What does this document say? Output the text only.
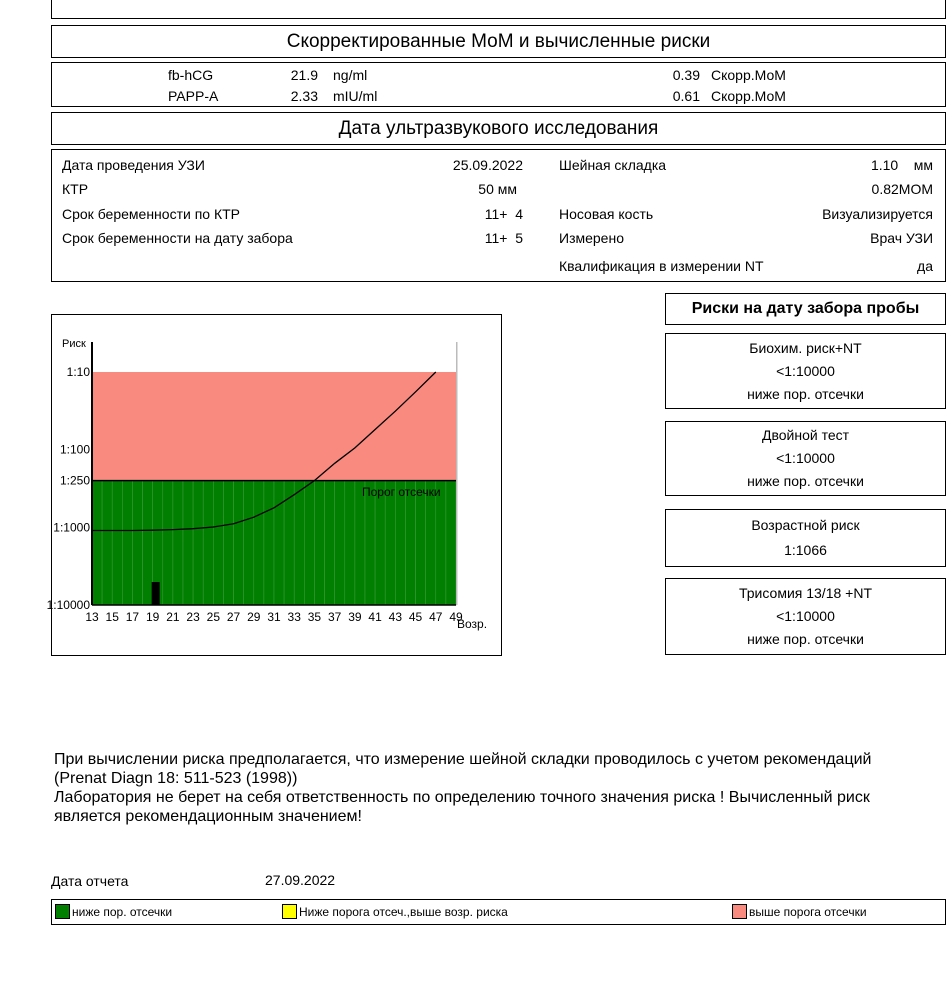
Скорректированные МоМ и вычисленные риски
fb-hCG	21.9 ng/ml	0.39 Скорр.МоМ
PAPP-A	2.33 mIU/ml	0.61 Скорр.МоМ
Дата ультразвукового исследования
Дата проведения УЗИ	25.09.2022
КТР	50 мм
Срок беременности по КТР	11+  4
Срок беременности на дату забора	11+  5
Шейная складка	1.10    мм
0.82МОМ
Носовая кость	Визуализируется
Измерено	Врач УЗИ
Квалификация в измерении NT	да
Риск
Возр.
Порог отсечки
1:10
1:100
1:250
1:1000
1:10000
13 15 17 19 21 23 25 27 29 31 33 35 37 39 41 43 45 47 49
Риски на дату забора пробы
Биохим. риск+NT
<1:10000
ниже пор. отсечки
Двойной тест
<1:10000
ниже пор. отсечки
Возрастной риск
1:1066
Трисомия 13/18 +NT
<1:10000
ниже пор. отсечки
При вычислении риска предполагается, что измерение шейной складки проводилось с учетом рекомендаций
(Prenat Diagn 18: 511-523 (1998))
Лаборатория не берет на себя ответственность по определению точного значения риска ! Вычисленный риск
является рекомендационным значением!
Дата отчета	27.09.2022
ниже пор. отсечки	Ниже порога отсеч.,выше возр. риска	выше порога отсечки
